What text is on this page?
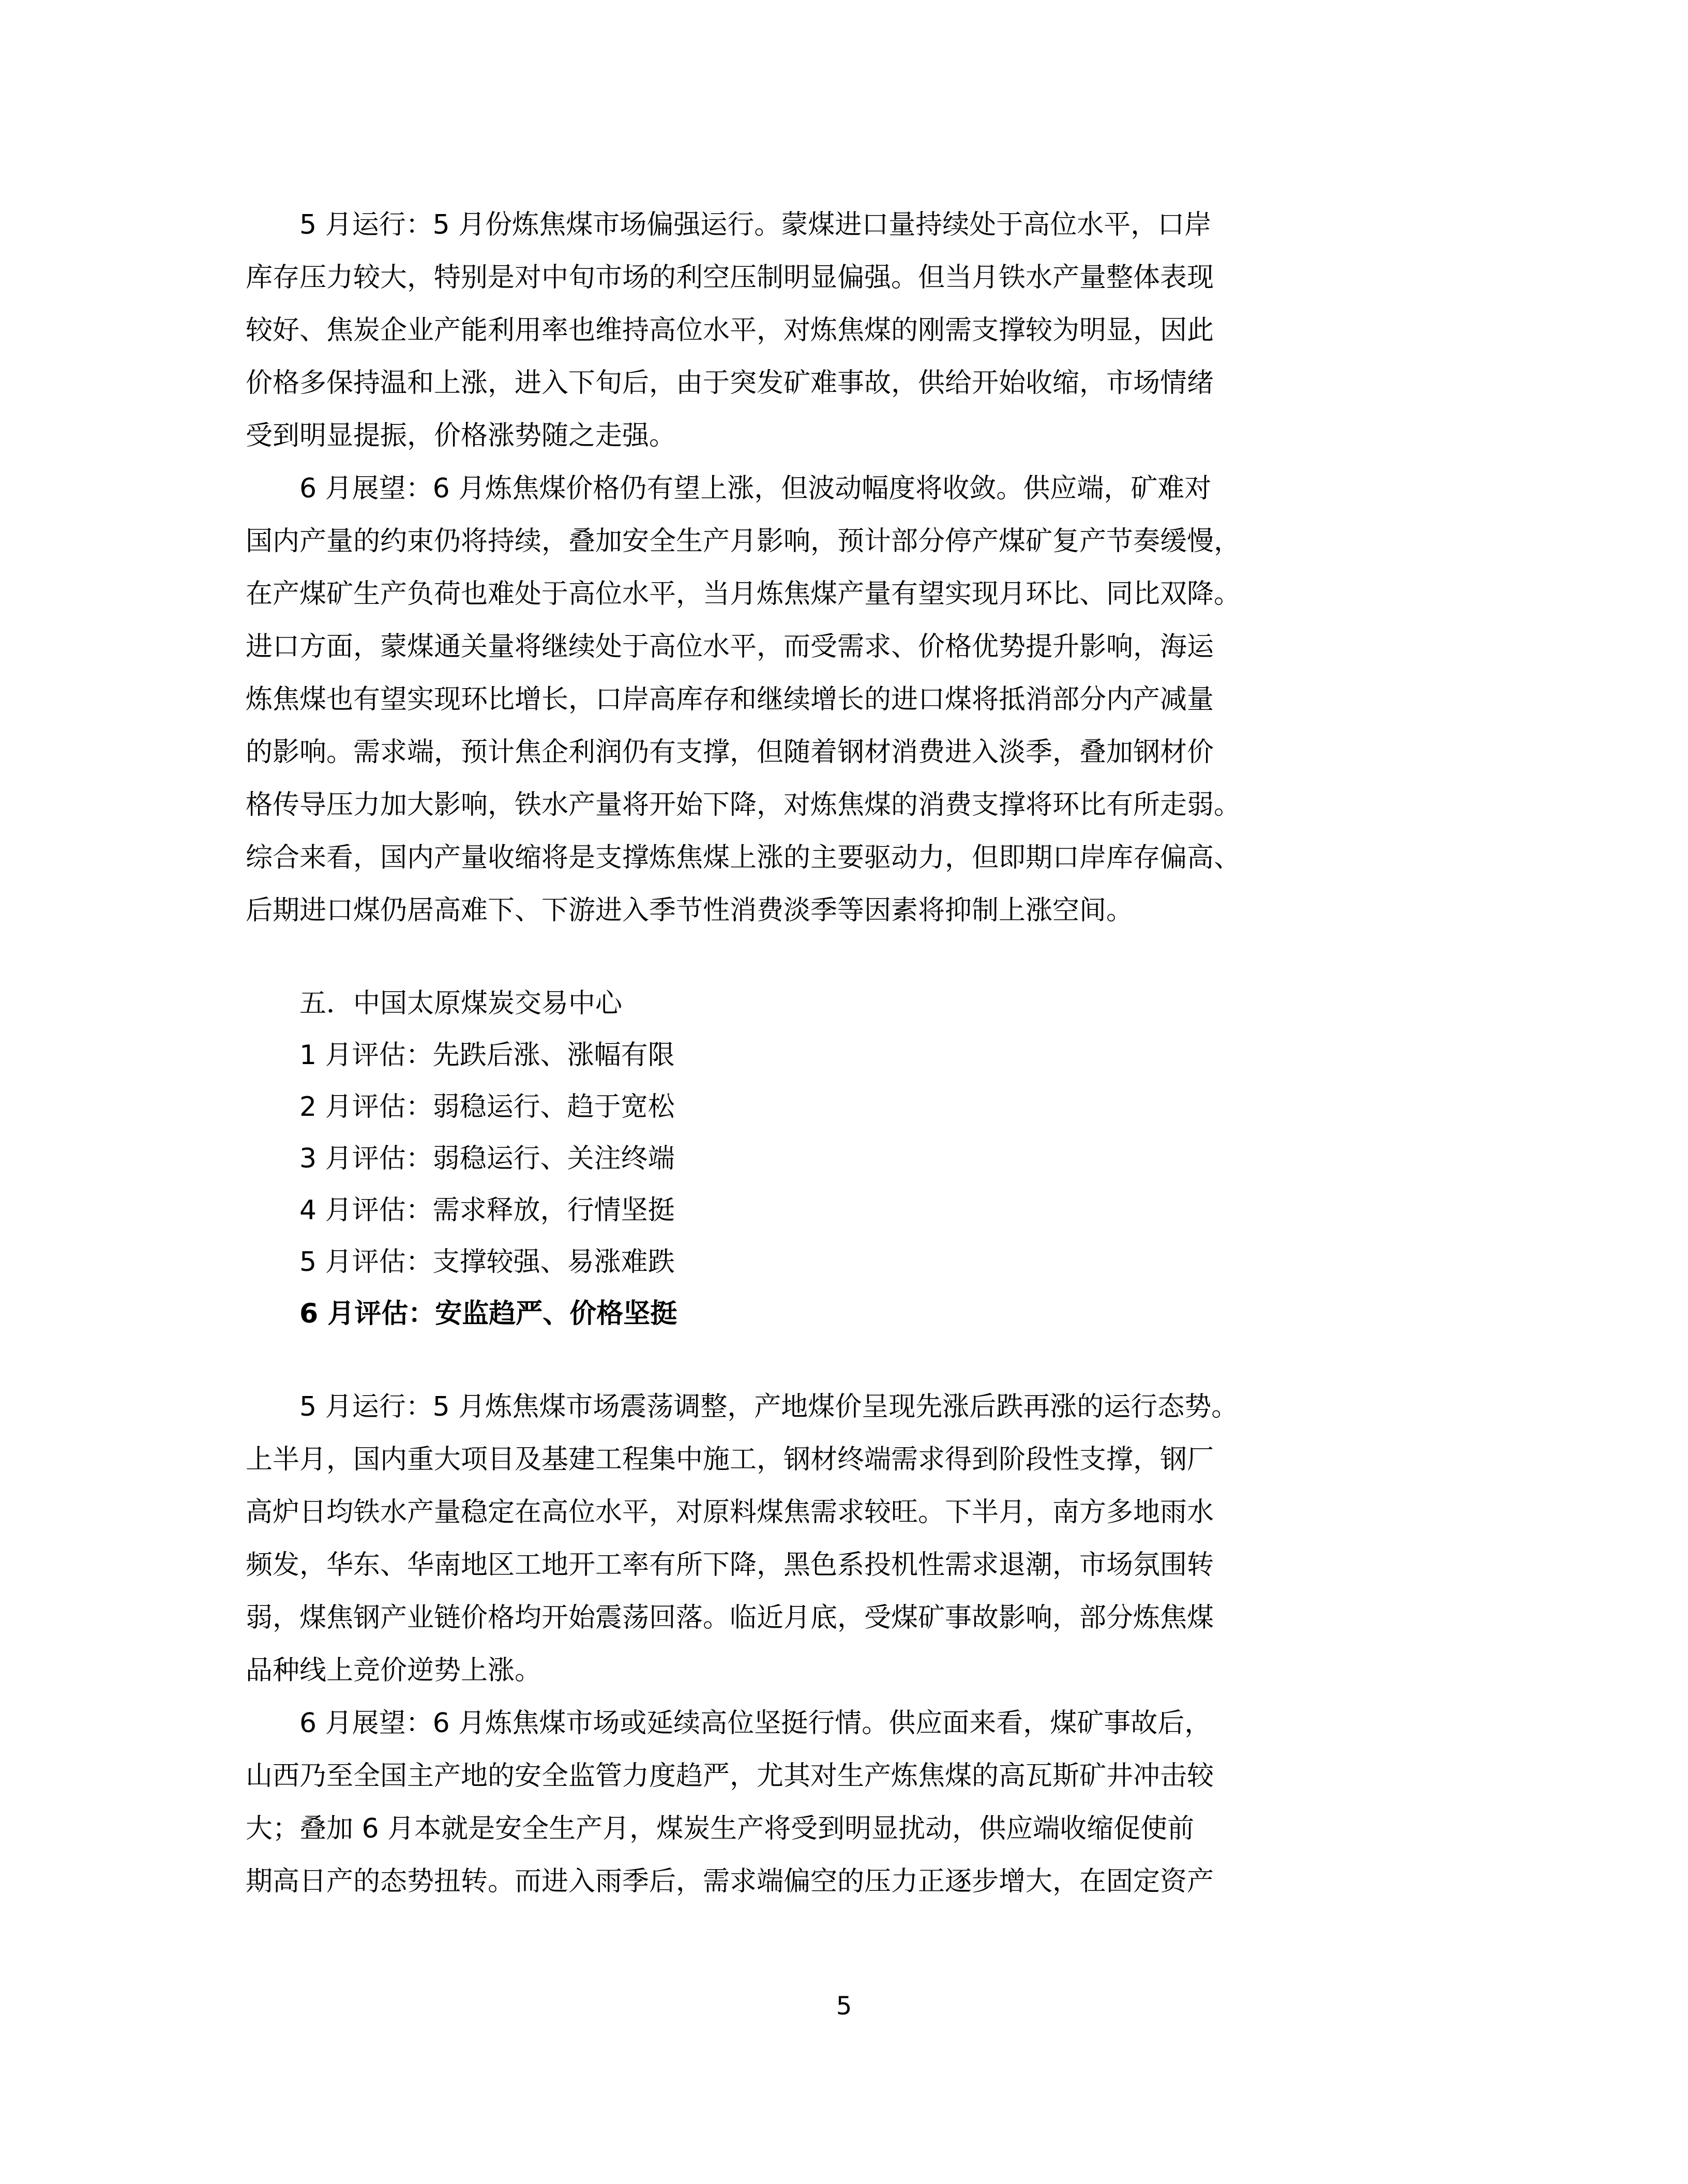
　　5 月运行：5 月份炼焦煤市场偏强运行。蒙煤进口量持续处于高位水平，口岸
库存压力较大，特别是对中旬市场的利空压制明显偏强。但当月铁水产量整体表现
较好、焦炭企业产能利用率也维持高位水平，对炼焦煤的刚需支撑较为明显，因此
价格多保持温和上涨，进入下旬后，由于突发矿难事故，供给开始收缩，市场情绪
受到明显提振，价格涨势随之走强。
　　6 月展望：6 月炼焦煤价格仍有望上涨，但波动幅度将收敛。供应端，矿难对
国内产量的约束仍将持续，叠加安全生产月影响，预计部分停产煤矿复产节奏缓慢，
在产煤矿生产负荷也难处于高位水平，当月炼焦煤产量有望实现月环比、同比双降。
进口方面，蒙煤通关量将继续处于高位水平，而受需求、价格优势提升影响，海运
炼焦煤也有望实现环比增长，口岸高库存和继续增长的进口煤将抵消部分内产减量
的影响。需求端，预计焦企利润仍有支撑，但随着钢材消费进入淡季，叠加钢材价
格传导压力加大影响，铁水产量将开始下降，对炼焦煤的消费支撑将环比有所走弱。
综合来看，国内产量收缩将是支撑炼焦煤上涨的主要驱动力，但即期口岸库存偏高、
后期进口煤仍居高难下、下游进入季节性消费淡季等因素将抑制上涨空间。
　　五．中国太原煤炭交易中心
　　1 月评估：先跌后涨、涨幅有限
　　2 月评估：弱稳运行、趋于宽松
　　3 月评估：弱稳运行、关注终端
　　4 月评估：需求释放，行情坚挺
　　5 月评估：支撑较强、易涨难跌
　　6 月评估：安监趋严、价格坚挺
　　5 月运行：5 月炼焦煤市场震荡调整，产地煤价呈现先涨后跌再涨的运行态势。
上半月，国内重大项目及基建工程集中施工，钢材终端需求得到阶段性支撑，钢厂
高炉日均铁水产量稳定在高位水平，对原料煤焦需求较旺。下半月，南方多地雨水
频发，华东、华南地区工地开工率有所下降，黑色系投机性需求退潮，市场氛围转
弱，煤焦钢产业链价格均开始震荡回落。临近月底，受煤矿事故影响，部分炼焦煤
品种线上竞价逆势上涨。
　　6 月展望：6 月炼焦煤市场或延续高位坚挺行情。供应面来看，煤矿事故后，
山西乃至全国主产地的安全监管力度趋严，尤其对生产炼焦煤的高瓦斯矿井冲击较
大；叠加 6 月本就是安全生产月，煤炭生产将受到明显扰动，供应端收缩促使前
期高日产的态势扭转。而进入雨季后，需求端偏空的压力正逐步增大，在固定资产
5
